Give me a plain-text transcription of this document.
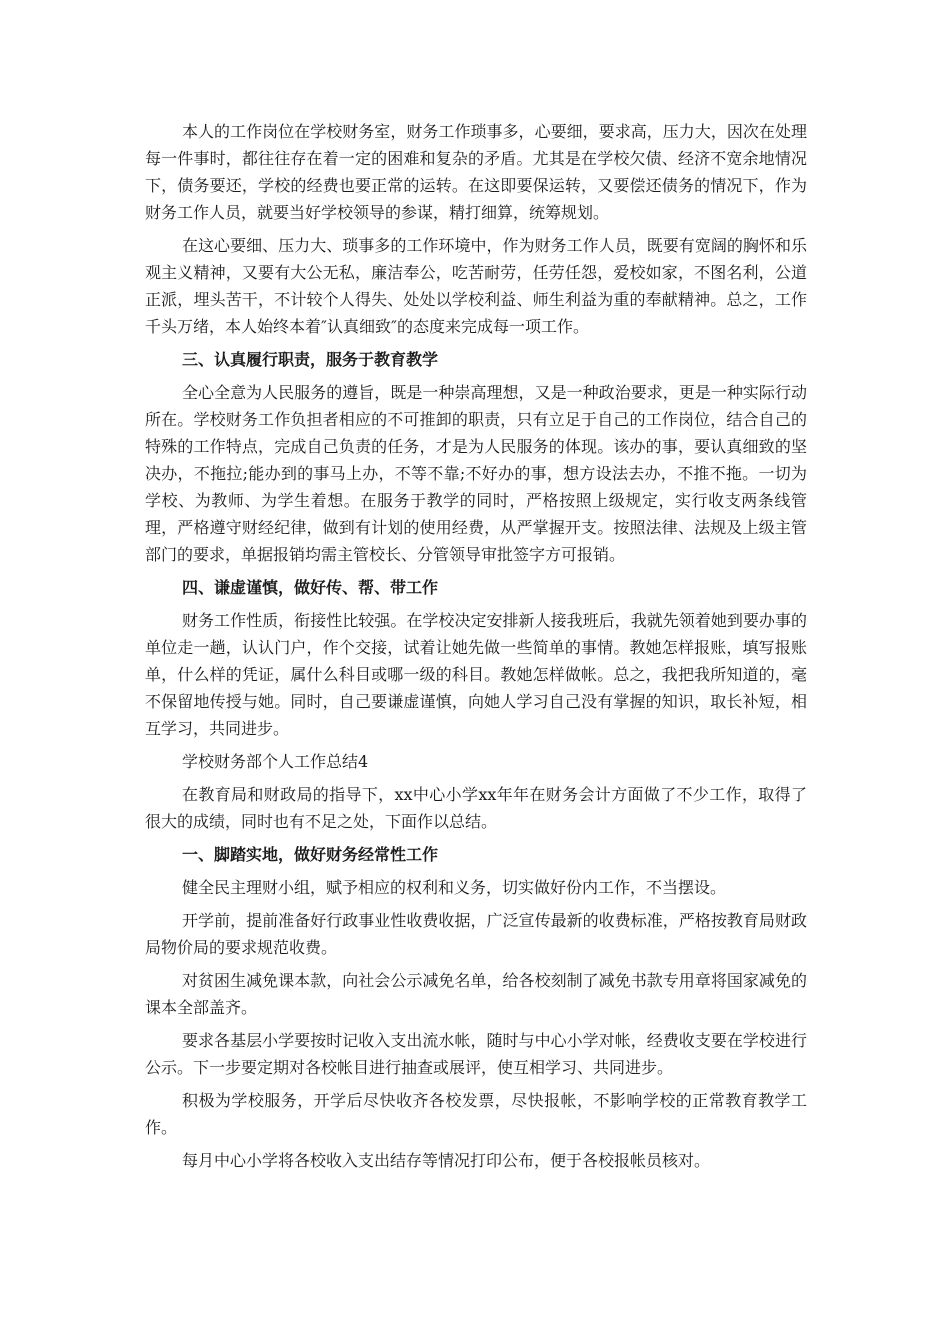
本人的工作岗位在学校财务室，财务工作琐事多，心要细，要求高，压力大，因次在处理每一件事时，都往往存在着一定的困难和复杂的矛盾。尤其是在学校欠债、经济不宽余地情况下，债务要还，学校的经费也要正常的运转。在这即要保运转，又要偿还债务的情况下，作为财务工作人员，就要当好学校领导的参谋，精打细算，统筹规划。

在这心要细、压力大、琐事多的工作环境中，作为财务工作人员，既要有宽阔的胸怀和乐观主义精神，又要有大公无私，廉洁奉公，吃苦耐劳，任劳任怨，爱校如家，不图名利，公道正派，埋头苦干，不计较个人得失、处处以学校利益、师生利益为重的奉献精神。总之，工作千头万绪，本人始终本着″认真细致″的态度来完成每一项工作。

三、认真履行职责，服务于教育教学

全心全意为人民服务的遵旨，既是一种崇高理想，又是一种政治要求，更是一种实际行动所在。学校财务工作负担者相应的不可推卸的职责，只有立足于自己的工作岗位，结合自己的特殊的工作特点，完成自己负责的任务，才是为人民服务的体现。该办的事，要认真细致的坚决办，不拖拉;能办到的事马上办，不等不靠;不好办的事，想方设法去办，不推不拖。一切为学校、为教师、为学生着想。在服务于教学的同时，严格按照上级规定，实行收支两条线管理，严格遵守财经纪律，做到有计划的使用经费，从严掌握开支。按照法律、法规及上级主管部门的要求，单据报销均需主管校长、分管领导审批签字方可报销。

四、谦虚谨慎，做好传、帮、带工作

财务工作性质，衔接性比较强。在学校决定安排新人接我班后，我就先领着她到要办事的单位走一趟，认认门户，作个交接，试着让她先做一些简单的事情。教她怎样报账，填写报账单，什么样的凭证，属什么科目或哪一级的科目。教她怎样做帐。总之，我把我所知道的，毫不保留地传授与她。同时，自己要谦虚谨慎，向她人学习自己没有掌握的知识，取长补短，相互学习，共同进步。

学校财务部个人工作总结4

在教育局和财政局的指导下，xx中心小学xx年年在财务会计方面做了不少工作，取得了很大的成绩，同时也有不足之处，下面作以总结。

一、脚踏实地，做好财务经常性工作

健全民主理财小组，赋予相应的权利和义务，切实做好份内工作，不当摆设。

开学前，提前准备好行政事业性收费收据，广泛宣传最新的收费标准，严格按教育局财政局物价局的要求规范收费。

对贫困生减免课本款，向社会公示减免名单，给各校刻制了减免书款专用章将国家减免的课本全部盖齐。

要求各基层小学要按时记收入支出流水帐，随时与中心小学对帐，经费收支要在学校进行公示。下一步要定期对各校帐目进行抽查或展评，使互相学习、共同进步。

积极为学校服务，开学后尽快收齐各校发票，尽快报帐，不影响学校的正常教育教学工作。

每月中心小学将各校收入支出结存等情况打印公布，便于各校报帐员核对。
